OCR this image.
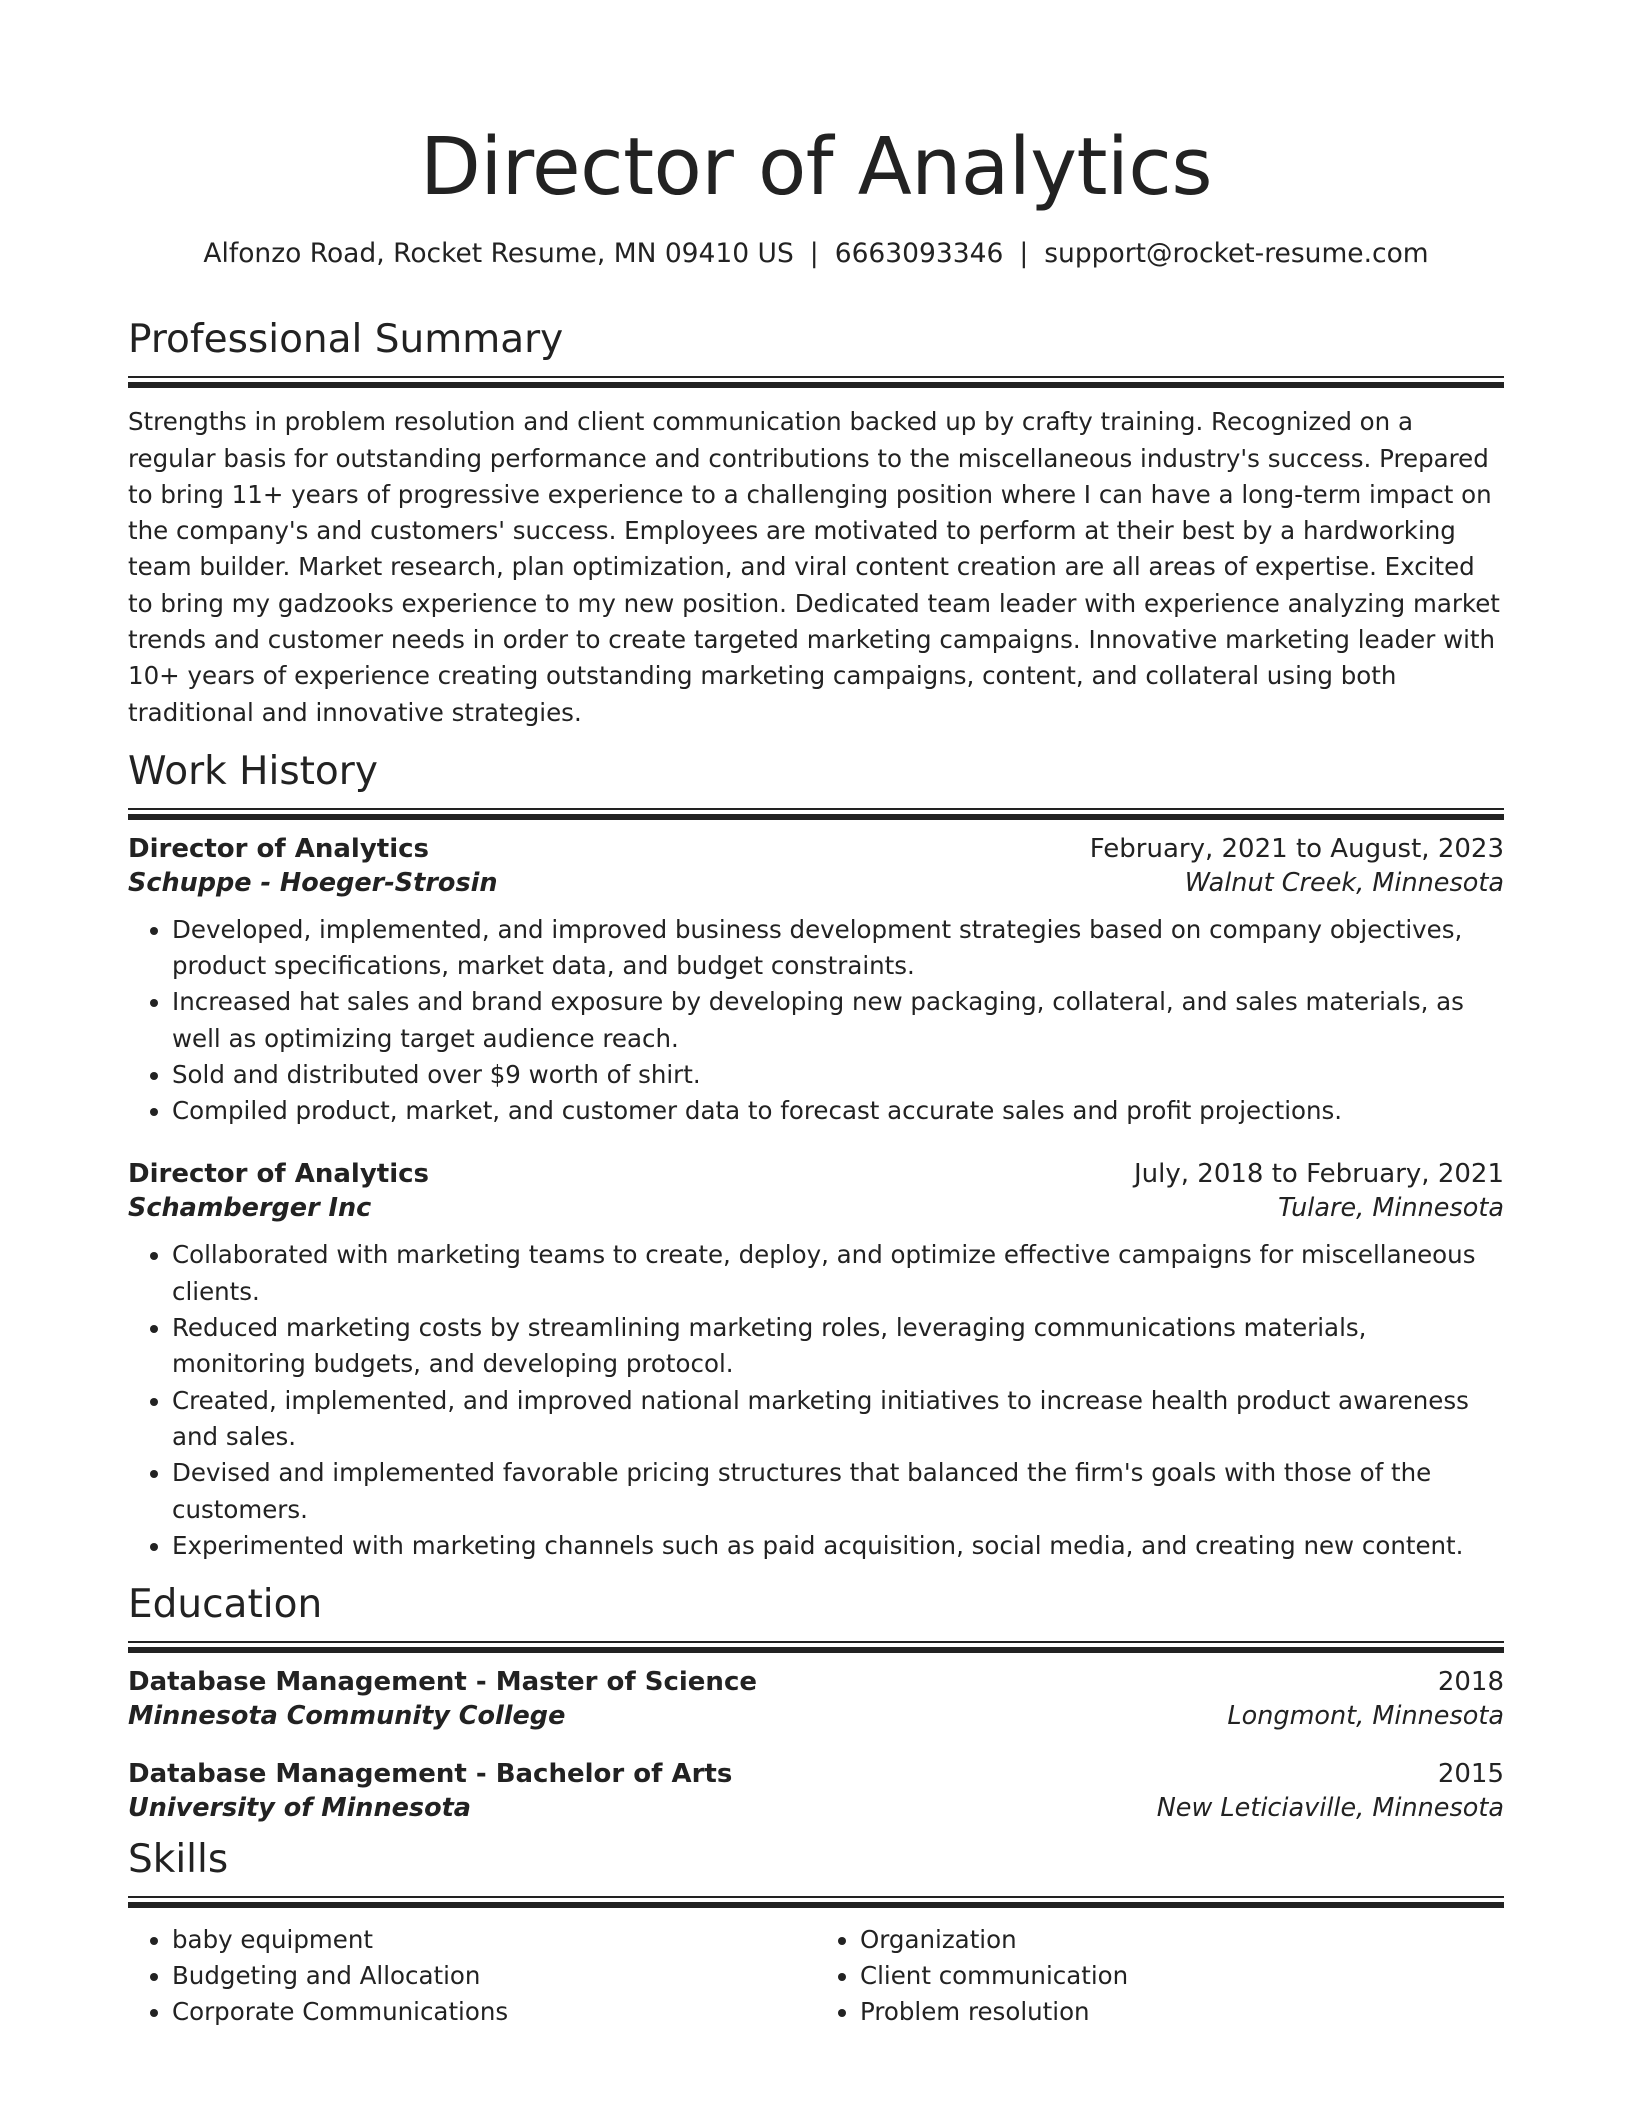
Director of Analytics
Alfonzo Road, Rocket Resume, MN 09410 US | 6663093346 | support@rocket-resume.com
Professional Summary

Strengths in problem resolution and client communication backed up by crafty training. Recognized on a regular basis for outstanding performance and contributions to the miscellaneous industry's success. Prepared to bring 11+ years of progressive experience to a challenging position where I can have a long-term impact on the company's and customers' success. Employees are motivated to perform at their best by a hardworking team builder. Market research, plan optimization, and viral content creation are all areas of expertise. Excited to bring my gadzooks experience to my new position. Dedicated team leader with experience analyzing market trends and customer needs in order to create targeted marketing campaigns. Innovative marketing leader with 10+ years of experience creating outstanding marketing campaigns, content, and collateral using both traditional and innovative strategies.

Work History
Director of Analytics	February, 2021 to August, 2023
Schuppe - Hoeger-Strosin	Walnut Creek, Minnesota
• Developed, implemented, and improved business development strategies based on company objectives, product specifications, market data, and budget constraints.
• Increased hat sales and brand exposure by developing new packaging, collateral, and sales materials, as well as optimizing target audience reach.
• Sold and distributed over $9 worth of shirt.
• Compiled product, market, and customer data to forecast accurate sales and profit projections.
Director of Analytics	July, 2018 to February, 2021
Schamberger Inc	Tulare, Minnesota
• Collaborated with marketing teams to create, deploy, and optimize effective campaigns for miscellaneous clients.
• Reduced marketing costs by streamlining marketing roles, leveraging communications materials, monitoring budgets, and developing protocol.
• Created, implemented, and improved national marketing initiatives to increase health product awareness and sales.
• Devised and implemented favorable pricing structures that balanced the firm's goals with those of the customers.
• Experimented with marketing channels such as paid acquisition, social media, and creating new content.
Education
Database Management - Master of Science	2018
Minnesota Community College	Longmont, Minnesota
Database Management - Bachelor of Arts	2015
University of Minnesota	New Leticiaville, Minnesota
Skills
• baby equipment
• Budgeting and Allocation
• Corporate Communications
• Organization
• Client communication
• Problem resolution
